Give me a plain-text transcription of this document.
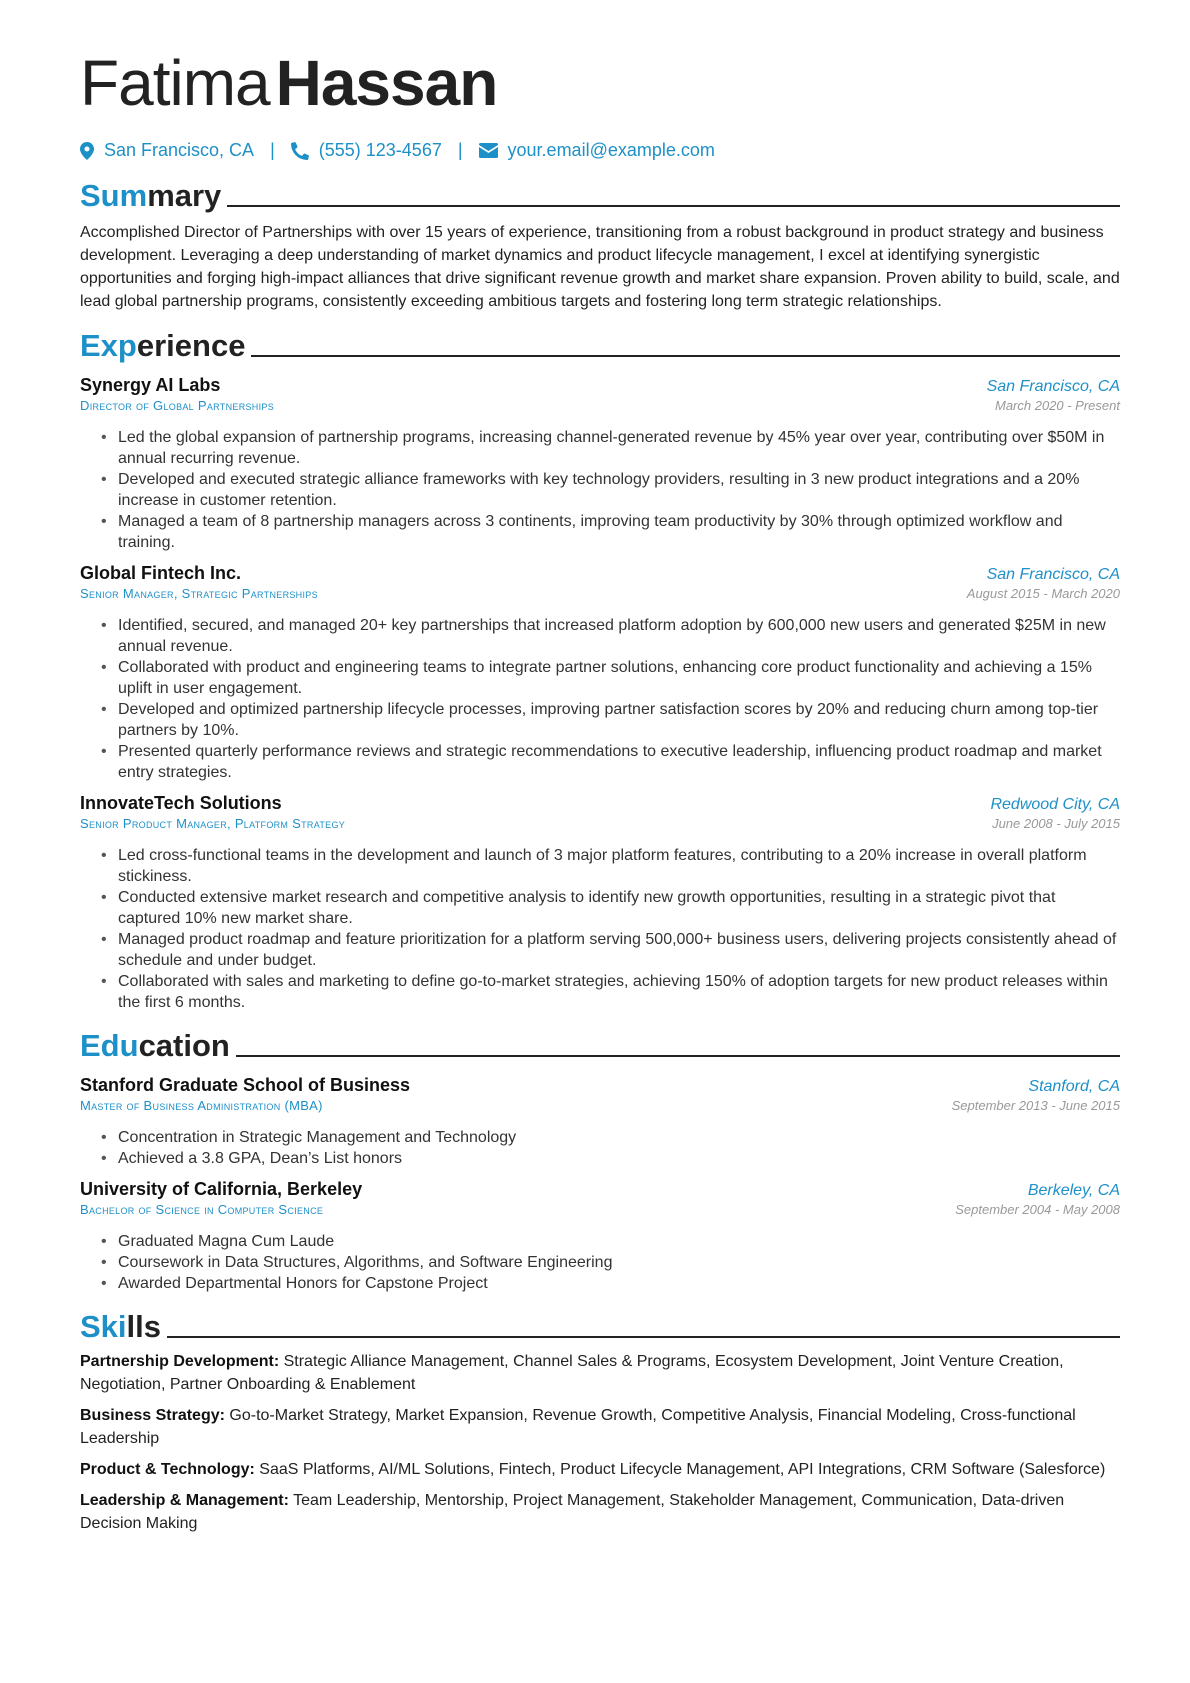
FatimaHassan
San Francisco, CA | (555) 123-4567 |	your.email@example.com
Summary
Accomplished Director of Partnerships with over 15 years of experience, transitioning from a robust background in product strategy and business development. Leveraging a deep understanding of market dynamics and product lifecycle management, I excel at identifying synergistic opportunities and forging high-impact alliances that drive significant revenue growth and market share expansion. Proven ability to build, scale, and lead global partnership programs, consistently exceeding ambitious targets and fostering long term strategic relationships.
Experience
Synergy AI Labs	San Francisco, CA
Director of Global Partnerships	March 2020 - Present
• Led the global expansion of partnership programs, increasing channel-generated revenue by 45% year over year, contributing over $50M in annual recurring revenue.
• Developed and executed strategic alliance frameworks with key technology providers, resulting in 3 new product integrations and a 20% increase in customer retention.
• Managed a team of 8 partnership managers across 3 continents, improving team productivity by 30% through optimized workflow and training.
Global Fintech Inc.	San Francisco, CA
Senior Manager, Strategic Partnerships	August 2015 - March 2020
• Identified, secured, and managed 20+ key partnerships that increased platform adoption by 600,000 new users and generated $25M in new annual revenue.
• Collaborated with product and engineering teams to integrate partner solutions, enhancing core product functionality and achieving a 15% uplift in user engagement.
• Developed and optimized partnership lifecycle processes, improving partner satisfaction scores by 20% and reducing churn among top-tier partners by 10%.
• Presented quarterly performance reviews and strategic recommendations to executive leadership, influencing product roadmap and market entry strategies.
InnovateTech Solutions	Redwood City, CA
Senior Product Manager, Platform Strategy	June 2008 - July 2015
• Led cross-functional teams in the development and launch of 3 major platform features, contributing to a 20% increase in overall platform stickiness.
• Conducted extensive market research and competitive analysis to identify new growth opportunities, resulting in a strategic pivot that captured 10% new market share.
• Managed product roadmap and feature prioritization for a platform serving 500,000+ business users, delivering projects consistently ahead of schedule and under budget.
• Collaborated with sales and marketing to define go-to-market strategies, achieving 150% of adoption targets for new product releases within the first 6 months.
Education
Stanford Graduate School of Business	Stanford, CA
Master of Business Administration (MBA)	September 2013 - June 2015
• Concentration in Strategic Management and Technology
• Achieved a 3.8 GPA, Dean’s List honors
University of California, Berkeley	Berkeley, CA
Bachelor of Science in Computer Science	September 2004 - May 2008
• Graduated Magna Cum Laude
• Coursework in Data Structures, Algorithms, and Software Engineering
• Awarded Departmental Honors for Capstone Project
Skills
Partnership Development: Strategic Alliance Management, Channel Sales & Programs, Ecosystem Development, Joint Venture Creation, Negotiation, Partner Onboarding & Enablement
Business Strategy: Go-to-Market Strategy, Market Expansion, Revenue Growth, Competitive Analysis, Financial Modeling, Cross-functional Leadership
Product & Technology: SaaS Platforms, AI/ML Solutions, Fintech, Product Lifecycle Management, API Integrations, CRM Software (Salesforce)
Leadership & Management: Team Leadership, Mentorship, Project Management, Stakeholder Management, Communication, Data-driven Decision Making
